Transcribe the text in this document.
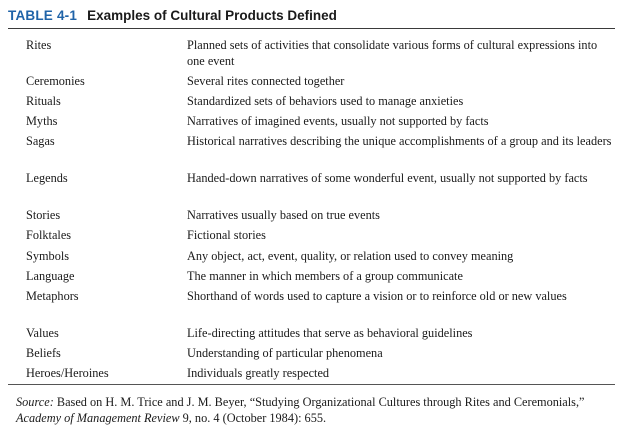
TABLE 4-1 Examples of Cultural Products Defined
Rites	Planned sets of activities that consolidate various forms of cultural expressions into one event
Ceremonies	Several rites connected together
Rituals	Standardized sets of behaviors used to manage anxieties
Myths	Narratives of imagined events, usually not supported by facts
Sagas	Historical narratives describing the unique accomplishments of a group and its leaders
Legends	Handed-down narratives of some wonderful event, usually not supported by facts
Stories	Narratives usually based on true events
Folktales	Fictional stories
Symbols	Any object, act, event, quality, or relation used to convey meaning
Language	The manner in which members of a group communicate
Metaphors	Shorthand of words used to capture a vision or to reinforce old or new values
Values	Life-directing attitudes that serve as behavioral guidelines
Beliefs	Understanding of particular phenomena
Heroes/Heroines	Individuals greatly respected
Source: Based on H. M. Trice and J. M. Beyer, “Studying Organizational Cultures through Rites and Ceremonials,” Academy of Management Review 9, no. 4 (October 1984): 655.
